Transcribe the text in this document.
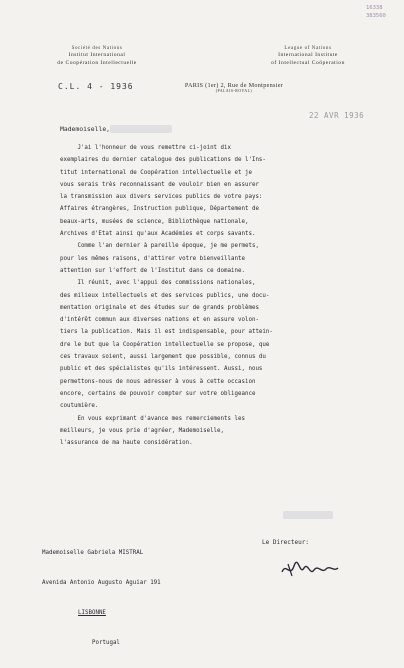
16338
383560
Société des Nations
Institut International
de Coopération Intellectuelle
League of Nations
International Institute
of Intellectual Coöperation
C.L. 4 - 1936	PARIS (1er) 2, Rue de Montpensier
(PALAIS-ROYAL)
22 AVR 1936
Mademoiselle,
J'ai l'honneur de vous remettre ci-joint dix
exemplaires du dernier catalogue des publications de l'Ins-
titut international de Coopération intellectuelle et je
vous serais très reconnaissant de vouloir bien en assurer
la transmission aux divers services publics de votre pays:
Affaires étrangères, Instruction publique, Département de
beaux-arts, musées de science, Bibliothèque nationale,
Archives d'Etat ainsi qu'aux Académies et corps savants.
Comme l'an dernier à pareille époque, je me permets,
pour les mêmes raisons, d'attirer votre bienveillante
attention sur l'effort de l'Institut dans ce domaine.
Il réunit, avec l'appui des commissions nationales,
des milieux intellectuels et des services publics, une docu-
mentation originale et des études sur de grands problèmes
d'intérêt commun aux diverses nations et en assure volon-
tiers la publication. Mais il est indispensable, pour attein-
dre le but que la Coopération intellectuelle se propose, que
ces travaux soient, aussi largement que possible, connus du
public et des spécialistes qu'ils intéressent. Aussi, nous
permettons-nous de nous adresser à vous à cette occasion
encore, certains de pouvoir compter sur votre obligeance
coutumière.
En vous exprimant d'avance mes remerciements les
meilleurs, je vous prie d'agréer, Mademoiselle,
l'assurance de ma haute considération.

Mademoiselle Gabriela MISTRAL

Avenida Antonio Augusto Aguiar 191

LISBONNE

Portugal

Le Directeur:
